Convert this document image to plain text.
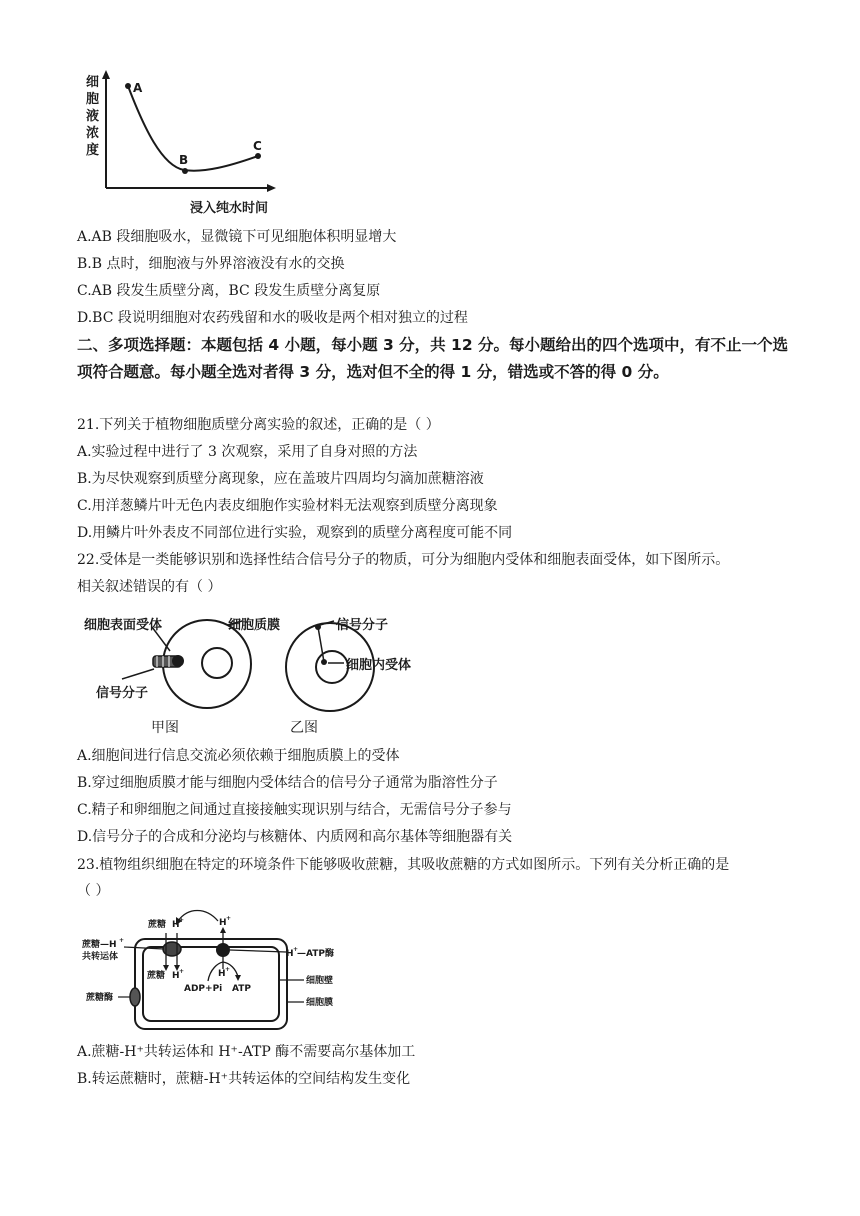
细
胞
液
浓
度
A
B
C
浸入纯水时间
A.AB 段细胞吸水，显微镜下可见细胞体积明显增大
B.B 点时，细胞液与外界溶液没有水的交换
C.AB 段发生质壁分离，BC 段发生质壁分离复原
D.BC 段说明细胞对农药残留和水的吸收是两个相对独立的过程
二、多项选择题：本题包括 4 小题，每小题 3 分，共 12 分。每小题给出的四个选项中，有不止一个选项符合题意。每小题全选对者得 3 分，选对但不全的得 1 分，错选或不答的得 0 分。
21.下列关于植物细胞质壁分离实验的叙述，正确的是（ ）
A.实验过程中进行了 3 次观察，采用了自身对照的方法
B.为尽快观察到质壁分离现象，应在盖玻片四周均匀滴加蔗糖溶液
C.用洋葱鳞片叶无色内表皮细胞作实验材料无法观察到质壁分离现象
D.用鳞片叶外表皮不同部位进行实验，观察到的质壁分离程度可能不同
22.受体是一类能够识别和选择性结合信号分子的物质，可分为细胞内受体和细胞表面受体，如下图所示。
相关叙述错误的有（ ）
细胞表面受体	细胞质膜
信号分子
信号分子
细胞内受体
甲图	乙图
A.细胞间进行信息交流必须依赖于细胞质膜上的受体
B.穿过细胞质膜才能与细胞内受体结合的信号分子通常为脂溶性分子
C.精子和卵细胞之间通过直接接触实现识别与结合，无需信号分子参与
D.信号分子的合成和分泌均与核糖体、内质网和高尔基体等细胞器有关
23.植物组织细胞在特定的环境条件下能够吸收蔗糖，其吸收蔗糖的方式如图所示。下列有关分析正确的是
（ ）
蔗糖 H +	H +
蔗糖—H +
共转运体	H +
—ATP酶
蔗糖 H +	H +
ADP+Pi ATP
细胞壁
蔗糖酶	细胞膜
A.蔗糖-H⁺共转运体和 H⁺-ATP 酶不需要高尔基体加工
B.转运蔗糖时，蔗糖-H⁺共转运体的空间结构发生变化
